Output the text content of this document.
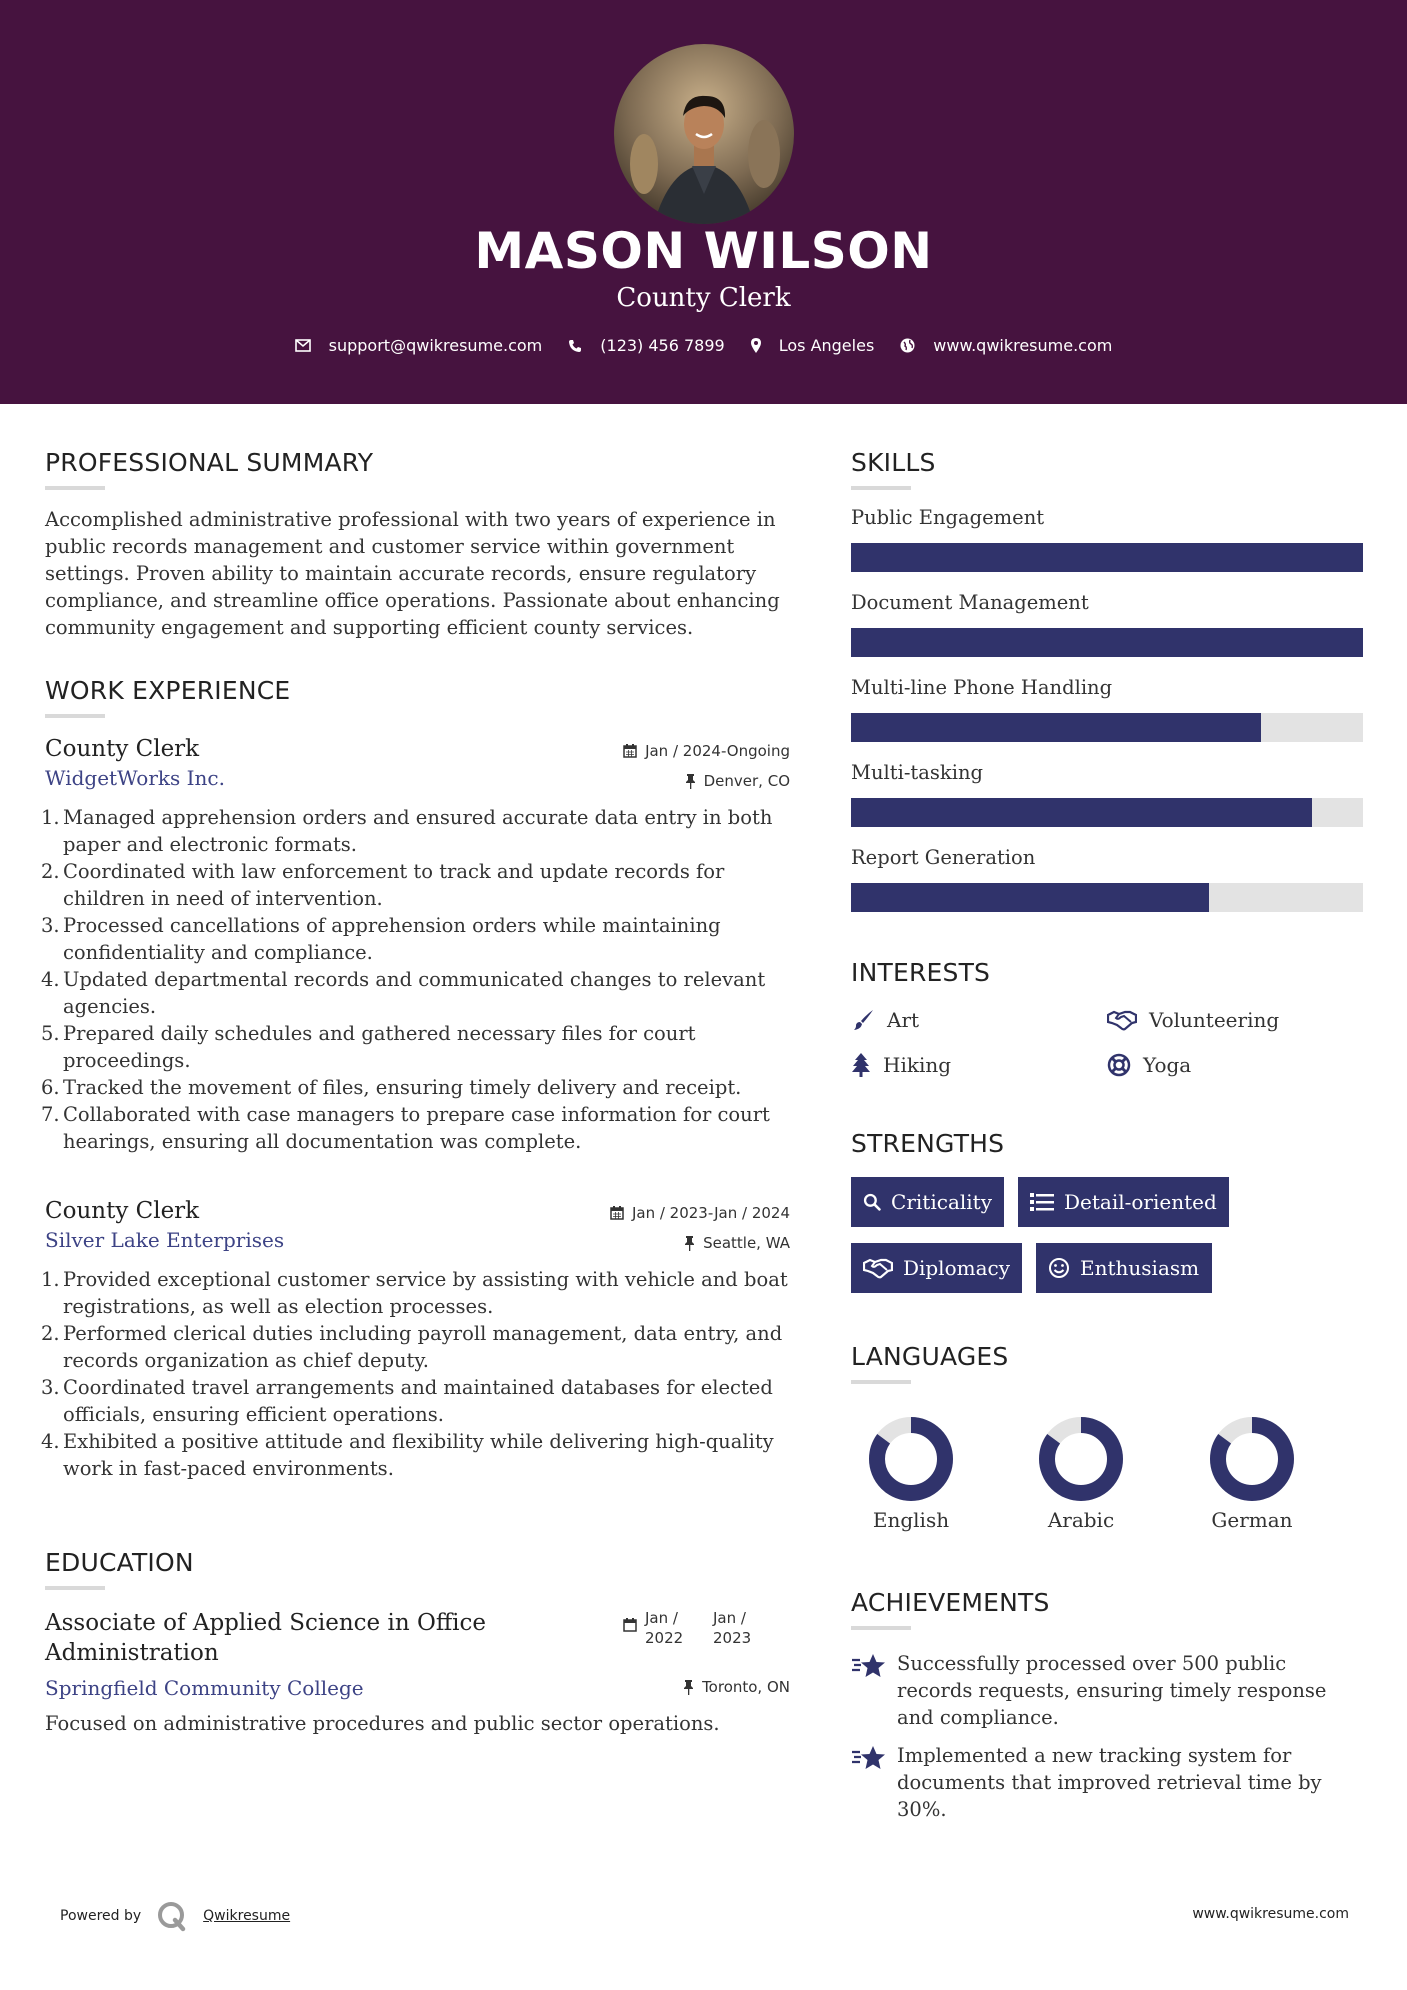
MASON WILSON
County Clerk
support@qwikresume.com	(123) 456 7899	Los Angeles	www.qwikresume.com
PROFESSIONAL SUMMARY
Accomplished administrative professional with two years of experience in public records management and customer service within government settings. Proven ability to maintain accurate records, ensure regulatory compliance, and streamline office operations. Passionate about enhancing community engagement and supporting efficient county services.
WORK EXPERIENCE
County Clerk	Jan / 2024-Ongoing
WidgetWorks Inc.	Denver, CO
1. Managed apprehension orders and ensured accurate data entry in both paper and electronic formats.
2. Coordinated with law enforcement to track and update records for children in need of intervention.
3. Processed cancellations of apprehension orders while maintaining confidentiality and compliance.
4. Updated departmental records and communicated changes to relevant agencies.
5. Prepared daily schedules and gathered necessary files for court proceedings.
6. Tracked the movement of files, ensuring timely delivery and receipt.
7. Collaborated with case managers to prepare case information for court hearings, ensuring all documentation was complete.
County Clerk	Jan / 2023-Jan / 2024
Silver Lake Enterprises	Seattle, WA
1. Provided exceptional customer service by assisting with vehicle and boat registrations, as well as election processes.
2. Performed clerical duties including payroll management, data entry, and records organization as chief deputy.
3. Coordinated travel arrangements and maintained databases for elected officials, ensuring efficient operations.
4. Exhibited a positive attitude and flexibility while delivering high-quality work in fast-paced environments.
EDUCATION
Associate of Applied Science in Office Administration
Jan / 2022
Jan / 2023
Springfield Community College	Toronto, ON
Focused on administrative procedures and public sector operations.
SKILLS
Public Engagement
Document Management
Multi-line Phone Handling
Multi-tasking
Report Generation
INTERESTS
Art	Volunteering
Hiking	Yoga
STRENGTHS
Criticality	Detail-oriented
Diplomacy	Enthusiasm
LANGUAGES
English	Arabic	German
ACHIEVEMENTS
Successfully processed over 500 public records requests, ensuring timely response and compliance.
Implemented a new tracking system for documents that improved retrieval time by 30%.
Powered by	Qwikresume	www.qwikresume.com
